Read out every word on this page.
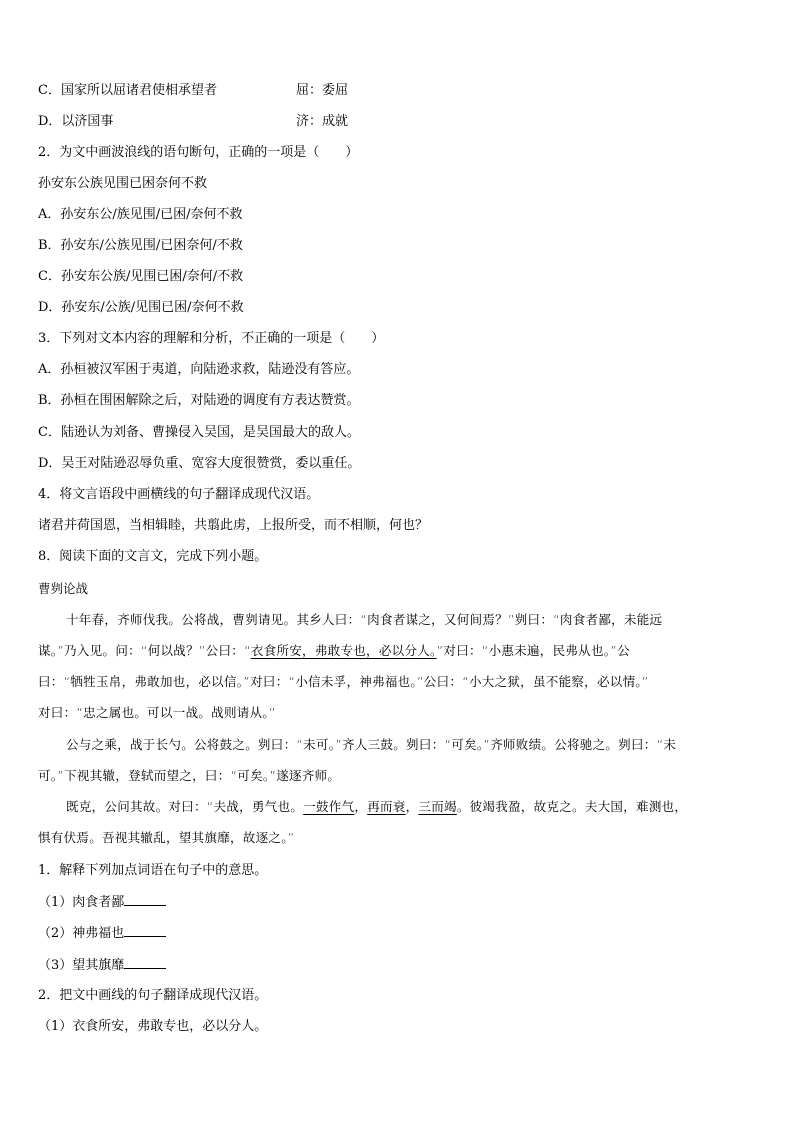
C．国家所以屈诸君使相承望者	屈：委屈
D．以济国事	济：成就
2．为文中画波浪线的语句断句，正确的一项是（　　）
孙安东公族见围已困奈何不救
A．孙安东公/族见围/已困/奈何不救
B．孙安东/公族见围/已困奈何/不救
C．孙安东公族/见围已困/奈何/不救
D．孙安东/公族/见围已困/奈何不救
3．下列对文本内容的理解和分析，不正确的一项是（　　）
A．孙桓被汉军困于夷道，向陆逊求救，陆逊没有答应。
B．孙桓在围困解除之后，对陆逊的调度有方表达赞赏。
C．陆逊认为刘备、曹操侵入吴国，是吴国最大的敌人。
D．吴王对陆逊忍辱负重、宽容大度很赞赏，委以重任。
4．将文言语段中画横线的句子翻译成现代汉语。
诸君并荷国恩，当相辑睦，共翦此虏，上报所受，而不相顺，何也？
8．阅读下面的文言文，完成下列小题。
曹刿论战
十年春，齐师伐我。公将战，曹刿请见。其乡人曰：“肉食者谋之，又何间焉？”刿曰：“肉食者鄙，未能远
谋。”乃入见。问：“何以战？”公曰：“衣食所安，弗敢专也，必以分人。”对曰：“小惠未遍，民弗从也。”公
曰：“牺牲玉帛，弗敢加也，必以信。”对曰：“小信未孚，神弗福也。”公曰：“小大之狱，虽不能察，必以情。”
对曰：“忠之属也。可以一战。战则请从。”
公与之乘，战于长勺。公将鼓之。刿曰：“未可。”齐人三鼓。刿曰：“可矣。”齐师败绩。公将驰之。刿曰：“未
可。”下视其辙，登轼而望之，曰：“可矣。”遂逐齐师。
既克，公问其故。对曰：“夫战，勇气也。一鼓作气，再而衰，三而竭。彼竭我盈，故克之。夫大国，难测也，
惧有伏焉。吾视其辙乱，望其旗靡，故逐之。”
1．解释下列加点词语在句子中的意思。
（1）肉食者鄙
（2）神弗福也
（3）望其旗靡
2．把文中画线的句子翻译成现代汉语。
（1）衣食所安，弗敢专也，必以分人。
